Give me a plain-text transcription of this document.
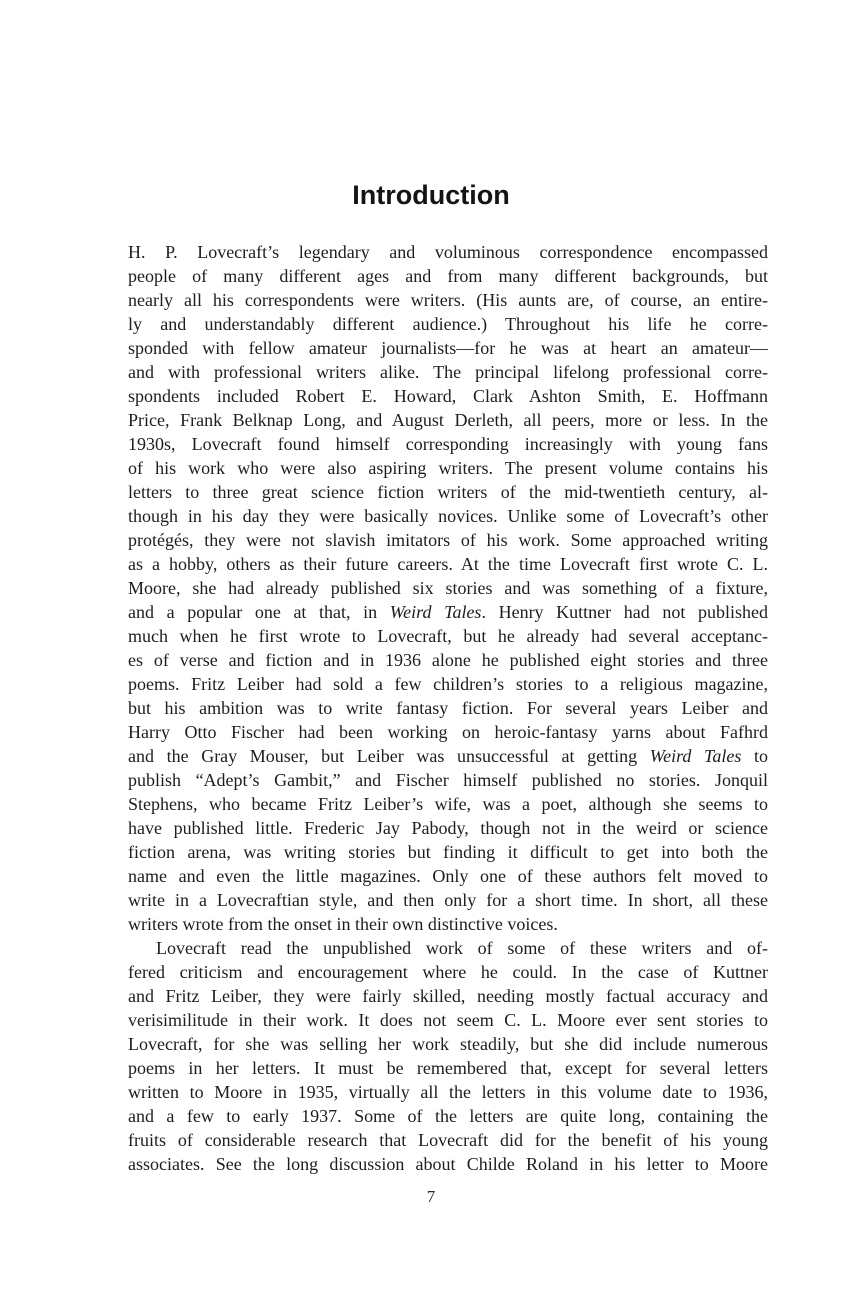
Introduction
H. P. Lovecraft’s legendary and voluminous correspondence encompassed
people of many different ages and from many different backgrounds, but
nearly all his correspondents were writers. (His aunts are, of course, an entire-
ly and understandably different audience.) Throughout his life he corre-
sponded with fellow amateur journalists—for he was at heart an amateur—
and with professional writers alike. The principal lifelong professional corre-
spondents included Robert E. Howard, Clark Ashton Smith, E. Hoffmann
Price, Frank Belknap Long, and August Derleth, all peers, more or less. In the
1930s, Lovecraft found himself corresponding increasingly with young fans
of his work who were also aspiring writers. The present volume contains his
letters to three great science fiction writers of the mid-twentieth century, al-
though in his day they were basically novices. Unlike some of Lovecraft’s other
protégés, they were not slavish imitators of his work. Some approached writing
as a hobby, others as their future careers. At the time Lovecraft first wrote C. L.
Moore, she had already published six stories and was something of a fixture,
and a popular one at that, in Weird Tales. Henry Kuttner had not published
much when he first wrote to Lovecraft, but he already had several acceptanc-
es of verse and fiction and in 1936 alone he published eight stories and three
poems. Fritz Leiber had sold a few children’s stories to a religious magazine,
but his ambition was to write fantasy fiction. For several years Leiber and
Harry Otto Fischer had been working on heroic-fantasy yarns about Fafhrd
and the Gray Mouser, but Leiber was unsuccessful at getting Weird Tales to
publish “Adept’s Gambit,” and Fischer himself published no stories. Jonquil
Stephens, who became Fritz Leiber’s wife, was a poet, although she seems to
have published little. Frederic Jay Pabody, though not in the weird or science
fiction arena, was writing stories but finding it difficult to get into both the
name and even the little magazines. Only one of these authors felt moved to
write in a Lovecraftian style, and then only for a short time. In short, all these
writers wrote from the onset in their own distinctive voices.
Lovecraft read the unpublished work of some of these writers and of-
fered criticism and encouragement where he could. In the case of Kuttner
and Fritz Leiber, they were fairly skilled, needing mostly factual accuracy and
verisimilitude in their work. It does not seem C. L. Moore ever sent stories to
Lovecraft, for she was selling her work steadily, but she did include numerous
poems in her letters. It must be remembered that, except for several letters
written to Moore in 1935, virtually all the letters in this volume date to 1936,
and a few to early 1937. Some of the letters are quite long, containing the
fruits of considerable research that Lovecraft did for the benefit of his young
associates. See the long discussion about Childe Roland in his letter to Moore
7
